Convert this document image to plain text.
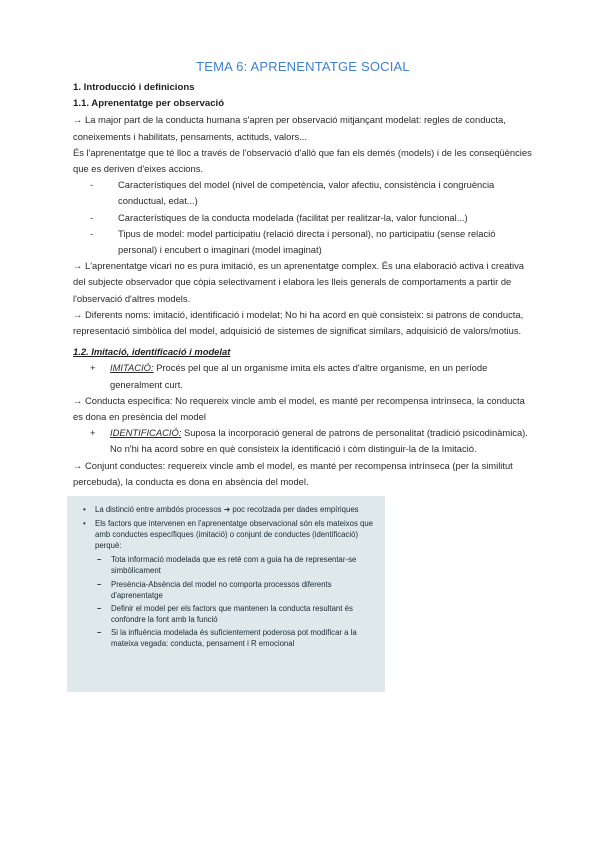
TEMA 6: APRENENTATGE SOCIAL
1. Introducció i definicions
1.1. Aprenentatge per observació

→ La major part de la conducta humana s'apren per observació mitjançant modelat: regles de conducta, coneixements i habilitats, pensaments, actituds, valors...

És l'aprenentatge que té lloc a través de l'observació d'allò que fan els demés (models) i de les conseqüències que es deriven d'eixes accions.

-	Característiques del model (nivel de competència, valor afectiu, consistència i congruència conductual, edat...)
-	Característiques de la conducta modelada (facilitat per realitzar-la, valor funcional...)
-	Tipus de model: model participatiu (relació directa i personal), no participatiu (sense relació personal) i encubert o imaginari (model imaginat)

→ L'aprenentatge vicari no es pura imitació, es un aprenentatge complex. És una elaboració activa i creativa del subjecte observador que còpia selectivament i elabora les lleis generals de comportaments a partir de l'observació d'altres models.

→ Diferents noms: imitació, identificació i modelat; No hi ha acord en què consisteix: si patrons de conducta, representació simbòlica del model, adquisició de sistemes de significat similars, adquisició de valors/motius.

1.2. Imitació, identificació i modelat
+ IMITACIÓ: Procés pel que al un organisme imita els actes d'altre organisme, en un període generalment curt.

→ Conducta específica: No requereix vincle amb el model, es manté per recompensa intrínseca, la conducta es dona en presència del model

+ IDENTIFICACIÓ: Suposa la incorporació general de patrons de personalitat (tradició psicodinàmica). No n'hi ha acord sobre en què consisteix la identificació i còm distinguir-la de la Imitació.

→ Conjunt conductes: requereix vincle amb el model, es manté per recompensa intrínseca (per la similitut percebuda), la conducta es dona en absència del model.

• La distinció entre ambdós processos ➔ poc recolzada per dades empíriques
• Els factors que intervenen en l'aprenentatge observacional són els mateixos que amb conductes específiques (imitació) o conjunt de conductes (identificació) perquè:
– Tota informació modelada que es reté com a guia ha de representar-se simbòlicament
– Presència-Absència del model no comporta processos diferents d'aprenentatge
– Definir el model per els factors que mantenen la conducta resultant és confondre la font amb la funció
– Si la influència modelada és suficientement poderosa pot modificar a la mateixa vegada: conducta, pensament i R emocional
